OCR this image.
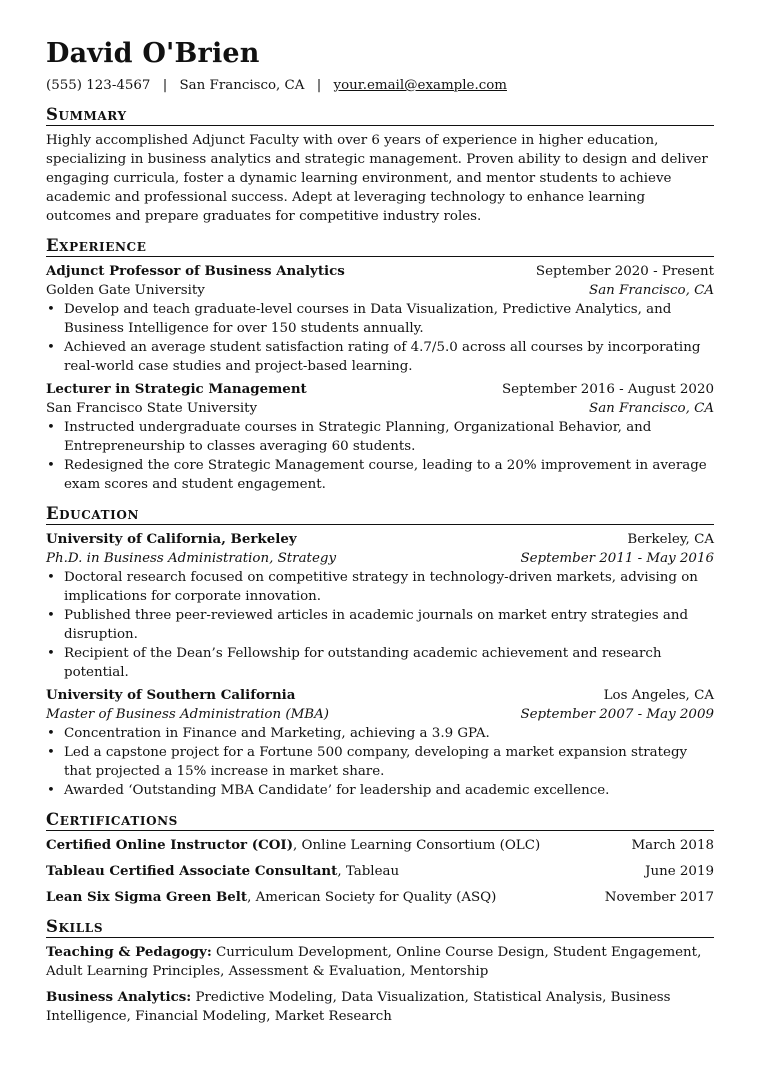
David O'Brien
(555) 123-4567 | San Francisco, CA | your.email@example.com
Summary

Highly accomplished Adjunct Faculty with over 6 years of experience in higher education, specializing in business analytics and strategic management. Proven ability to design and deliver engaging curricula, foster a dynamic learning environment, and mentor students to achieve academic and professional success. Adept at leveraging technology to enhance learning outcomes and prepare graduates for competitive industry roles.

Experience
Adjunct Professor of Business Analytics	September 2020 - Present
Golden Gate University	San Francisco, CA
• Develop and teach graduate-level courses in Data Visualization, Predictive Analytics, and Business Intelligence for over 150 students annually.
• Achieved an average student satisfaction rating of 4.7/5.0 across all courses by incorporating real-world case studies and project-based learning.
Lecturer in Strategic Management	September 2016 - August 2020
San Francisco State University	San Francisco, CA
• Instructed undergraduate courses in Strategic Planning, Organizational Behavior, and Entrepreneurship to classes averaging 60 students.
• Redesigned the core Strategic Management course, leading to a 20% improvement in average exam scores and student engagement.
Education
University of California, Berkeley	Berkeley, CA
Ph.D. in Business Administration, Strategy	September 2011 - May 2016
• Doctoral research focused on competitive strategy in technology-driven markets, advising on implications for corporate innovation.
• Published three peer-reviewed articles in academic journals on market entry strategies and disruption.
• Recipient of the Dean’s Fellowship for outstanding academic achievement and research potential.
University of Southern California	Los Angeles, CA
Master of Business Administration (MBA)	September 2007 - May 2009
• Concentration in Finance and Marketing, achieving a 3.9 GPA.
• Led a capstone project for a Fortune 500 company, developing a market expansion strategy that projected a 15% increase in market share.
• Awarded ‘Outstanding MBA Candidate’ for leadership and academic excellence.
Certifications
Certified Online Instructor (COI), Online Learning Consortium (OLC)	March 2018
Tableau Certified Associate Consultant, Tableau	June 2019
Lean Six Sigma Green Belt, American Society for Quality (ASQ)	November 2017
Skills
Teaching & Pedagogy: Curriculum Development, Online Course Design, Student Engagement, Adult Learning Principles, Assessment & Evaluation, Mentorship
Business Analytics: Predictive Modeling, Data Visualization, Statistical Analysis, Business Intelligence, Financial Modeling, Market Research
